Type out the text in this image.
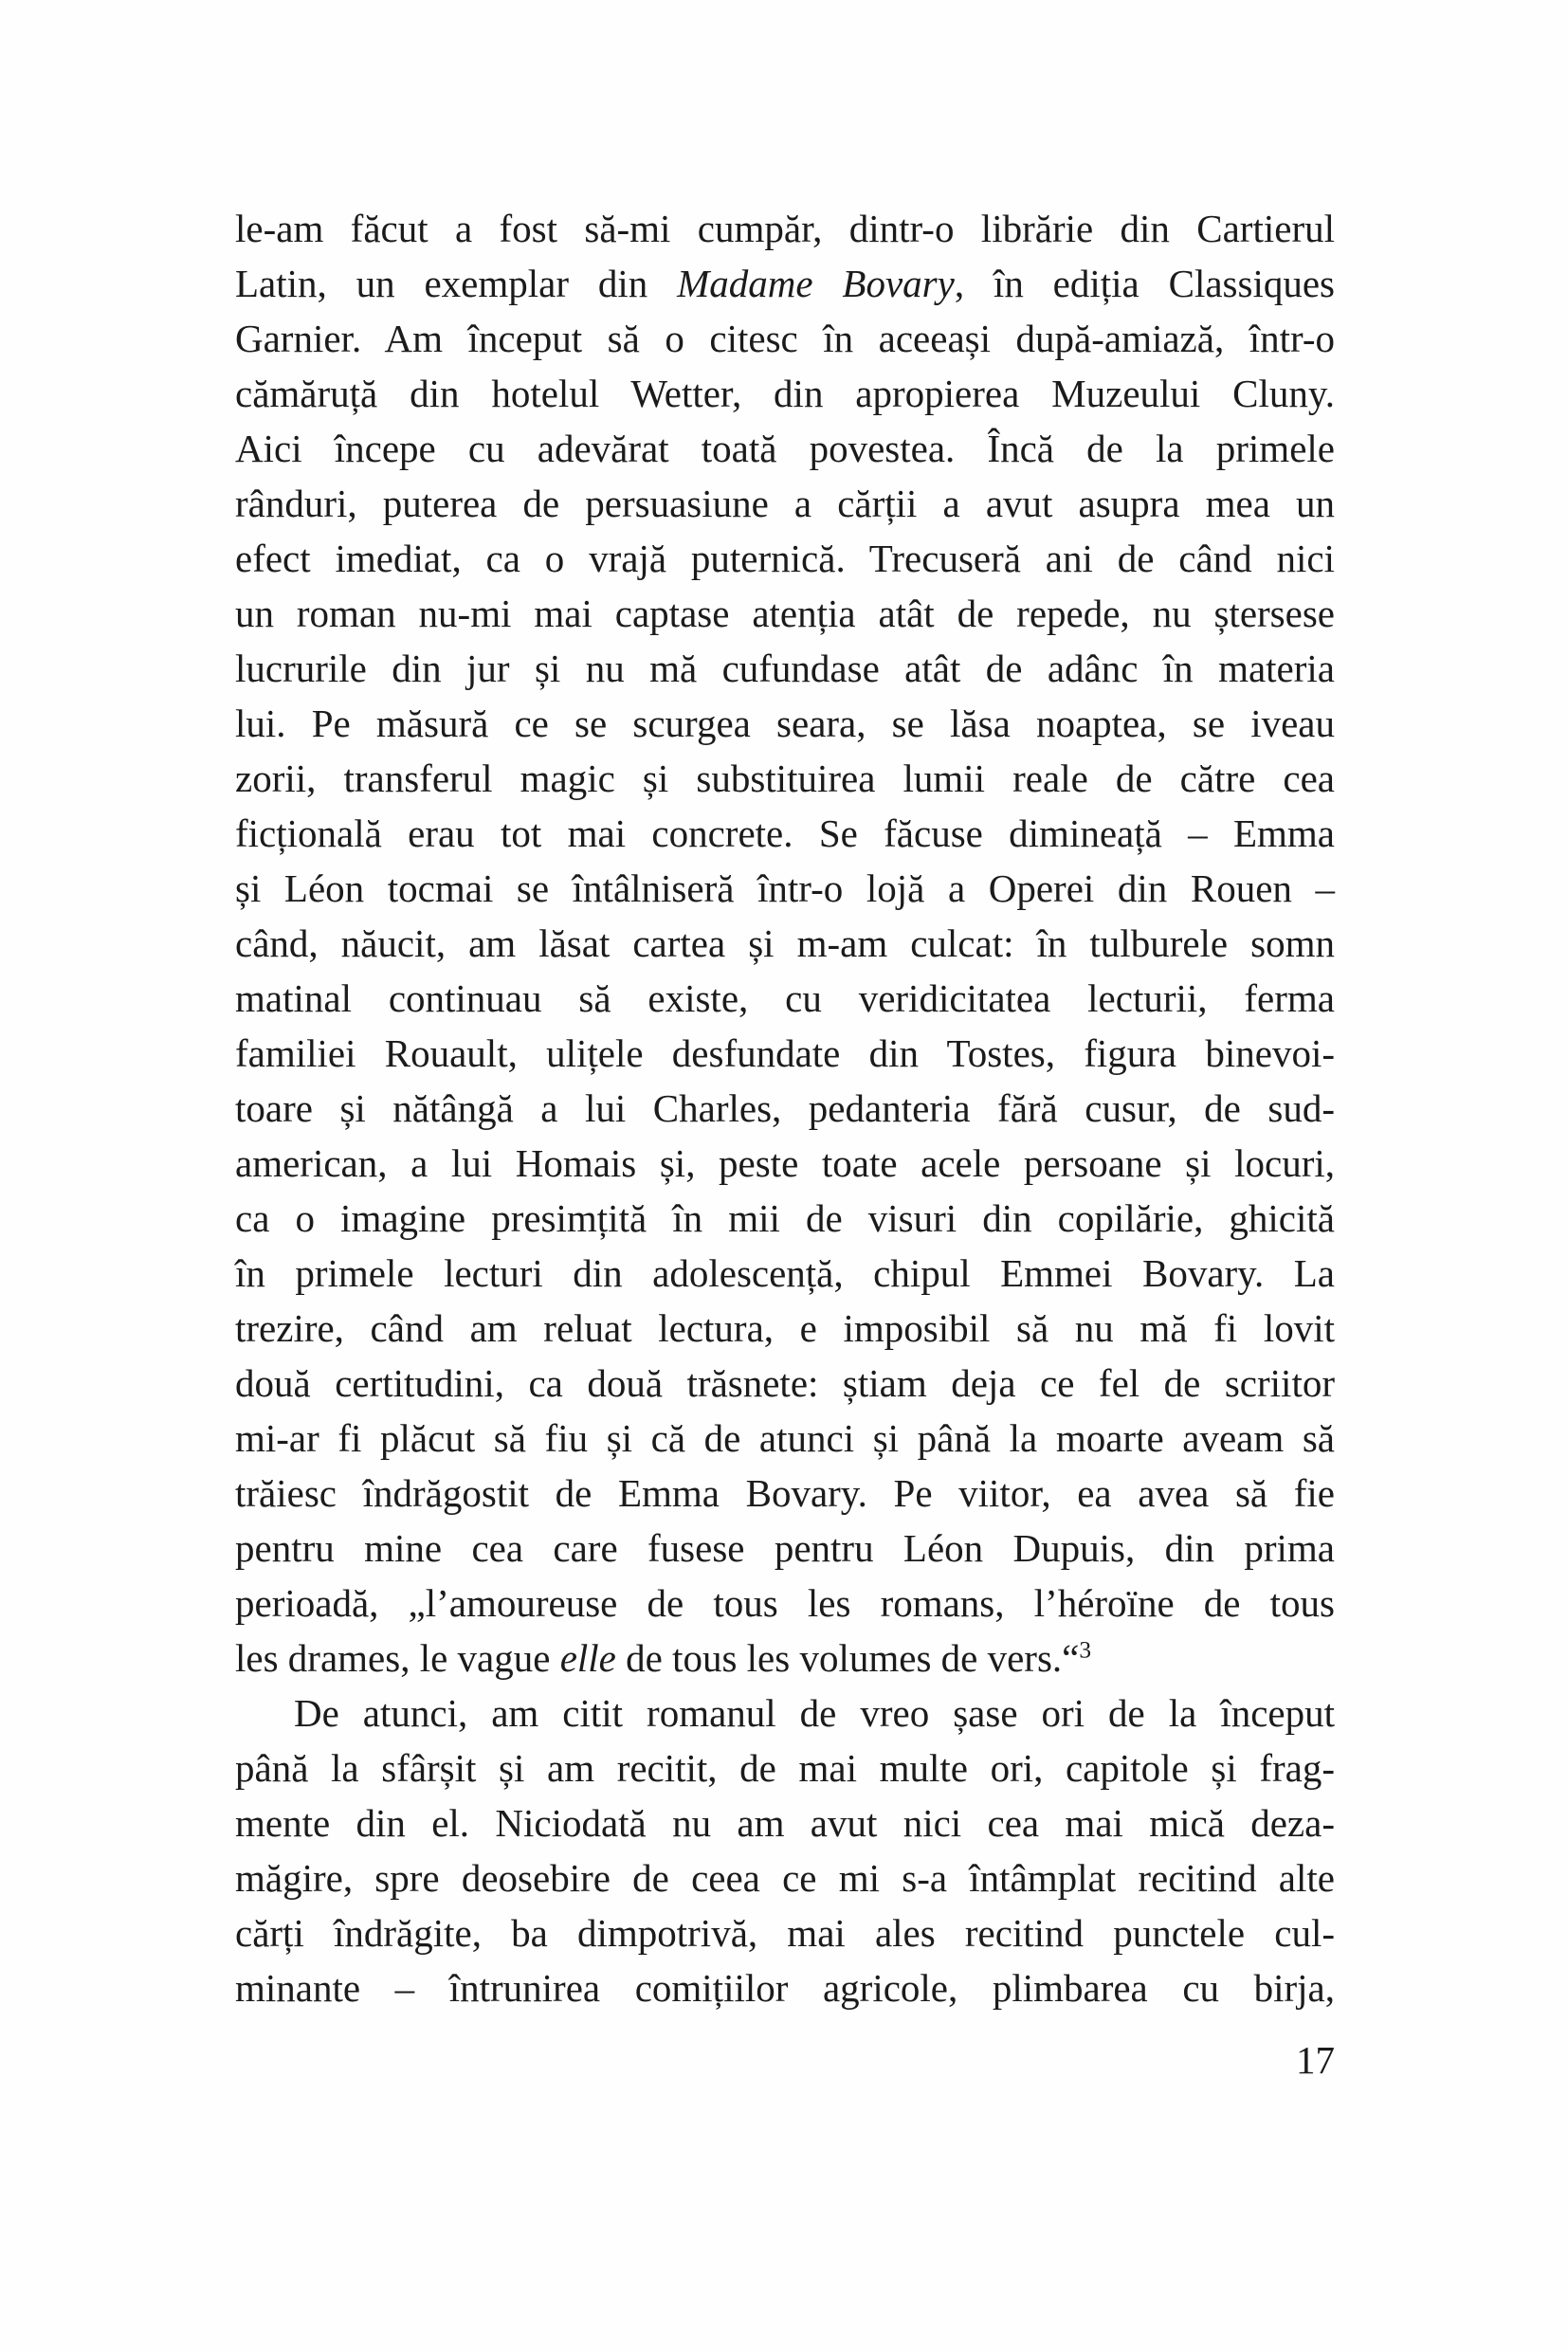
le-am făcut a fost să-mi cumpăr, dintr-o librărie din Cartierul
Latin, un exemplar din Madame Bovary, în ediția Classiques
Garnier. Am început să o citesc în aceeași după-amiază, într-o
cămăruță din hotelul Wetter, din apropierea Muzeului Cluny.
Aici începe cu adevărat toată povestea. Încă de la primele
rânduri, puterea de persuasiune a cărții a avut asupra mea un
efect imediat, ca o vrajă puternică. Trecuseră ani de când nici
un roman nu-mi mai captase atenția atât de repede, nu ștersese
lucrurile din jur și nu mă cufundase atât de adânc în materia
lui. Pe măsură ce se scurgea seara, se lăsa noaptea, se iveau
zorii, transferul magic și substituirea lumii reale de către cea
ficțională erau tot mai concrete. Se făcuse dimineață – Emma
și Léon tocmai se întâlniseră într-o lojă a Operei din Rouen –
când, năucit, am lăsat cartea și m-am culcat: în tulburele somn
matinal continuau să existe, cu veridicitatea lecturii, ferma
familiei Rouault, ulițele desfundate din Tostes, figura binevoi-
toare și nătângă a lui Charles, pedanteria fără cusur, de sud-
american, a lui Homais și, peste toate acele persoane și locuri,
ca o imagine presimțită în mii de visuri din copilărie, ghicită
în primele lecturi din adolescență, chipul Emmei Bovary. La
trezire, când am reluat lectura, e imposibil să nu mă fi lovit
două certitudini, ca două trăsnete: știam deja ce fel de scriitor
mi-ar fi plăcut să fiu și că de atunci și până la moarte aveam să
trăiesc îndrăgostit de Emma Bovary. Pe viitor, ea avea să fie
pentru mine cea care fusese pentru Léon Dupuis, din prima
perioadă, „l’amoureuse de tous les romans, l’héroïne de tous
les drames, le vague elle de tous les volumes de vers.“$^3$
De atunci, am citit romanul de vreo șase ori de la început
până la sfârșit și am recitit, de mai multe ori, capitole și frag-
mente din el. Niciodată nu am avut nici cea mai mică deza-
măgire, spre deosebire de ceea ce mi s-a întâmplat recitind alte
cărți îndrăgite, ba dimpotrivă, mai ales recitind punctele cul-
minante – întrunirea comițiilor agricole, plimbarea cu birja,
17
